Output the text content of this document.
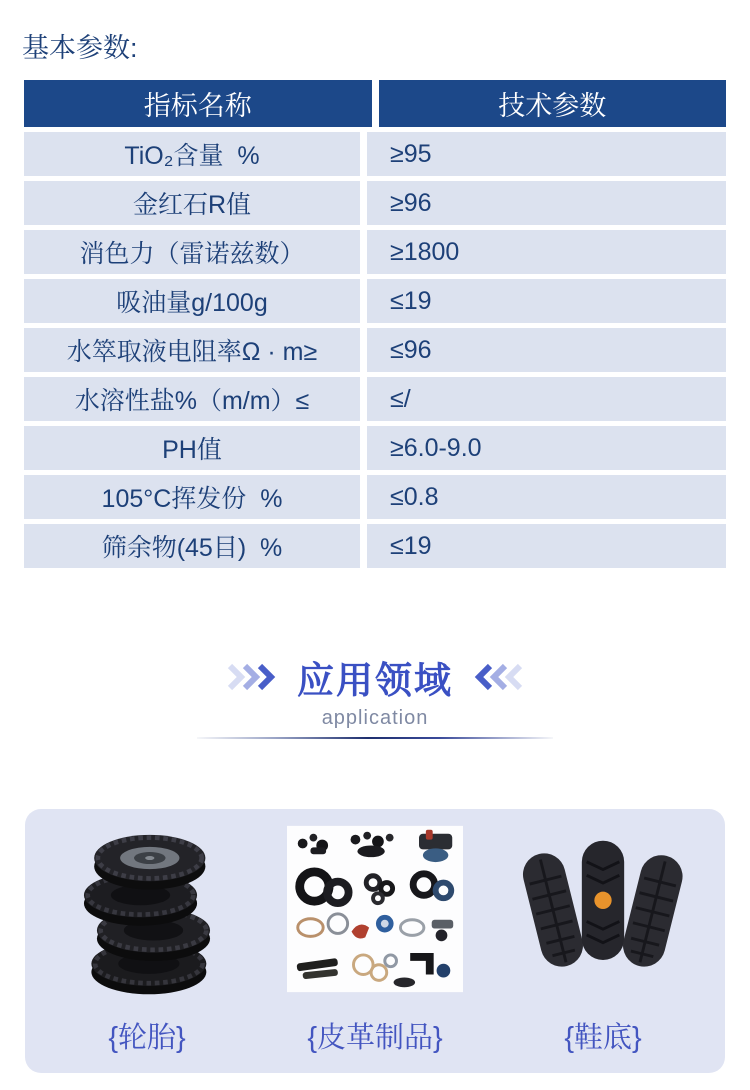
基本参数:
指标名称	技术参数
TiO₂含量  %	≥95
金红石R值	≥96
消色力（雷诺兹数）	≥1800
吸油量g/100g	≤19
水箤取液电阻率Ω · m≥	≤96
水溶性盐%（m/m）≤	≤/
PH值	≥6.0-9.0
105°C挥发份  %	≤0.8
筛余物(45目)  %	≤19
应用领域
application
{轮胎}	{皮革制品}	{鞋底}
